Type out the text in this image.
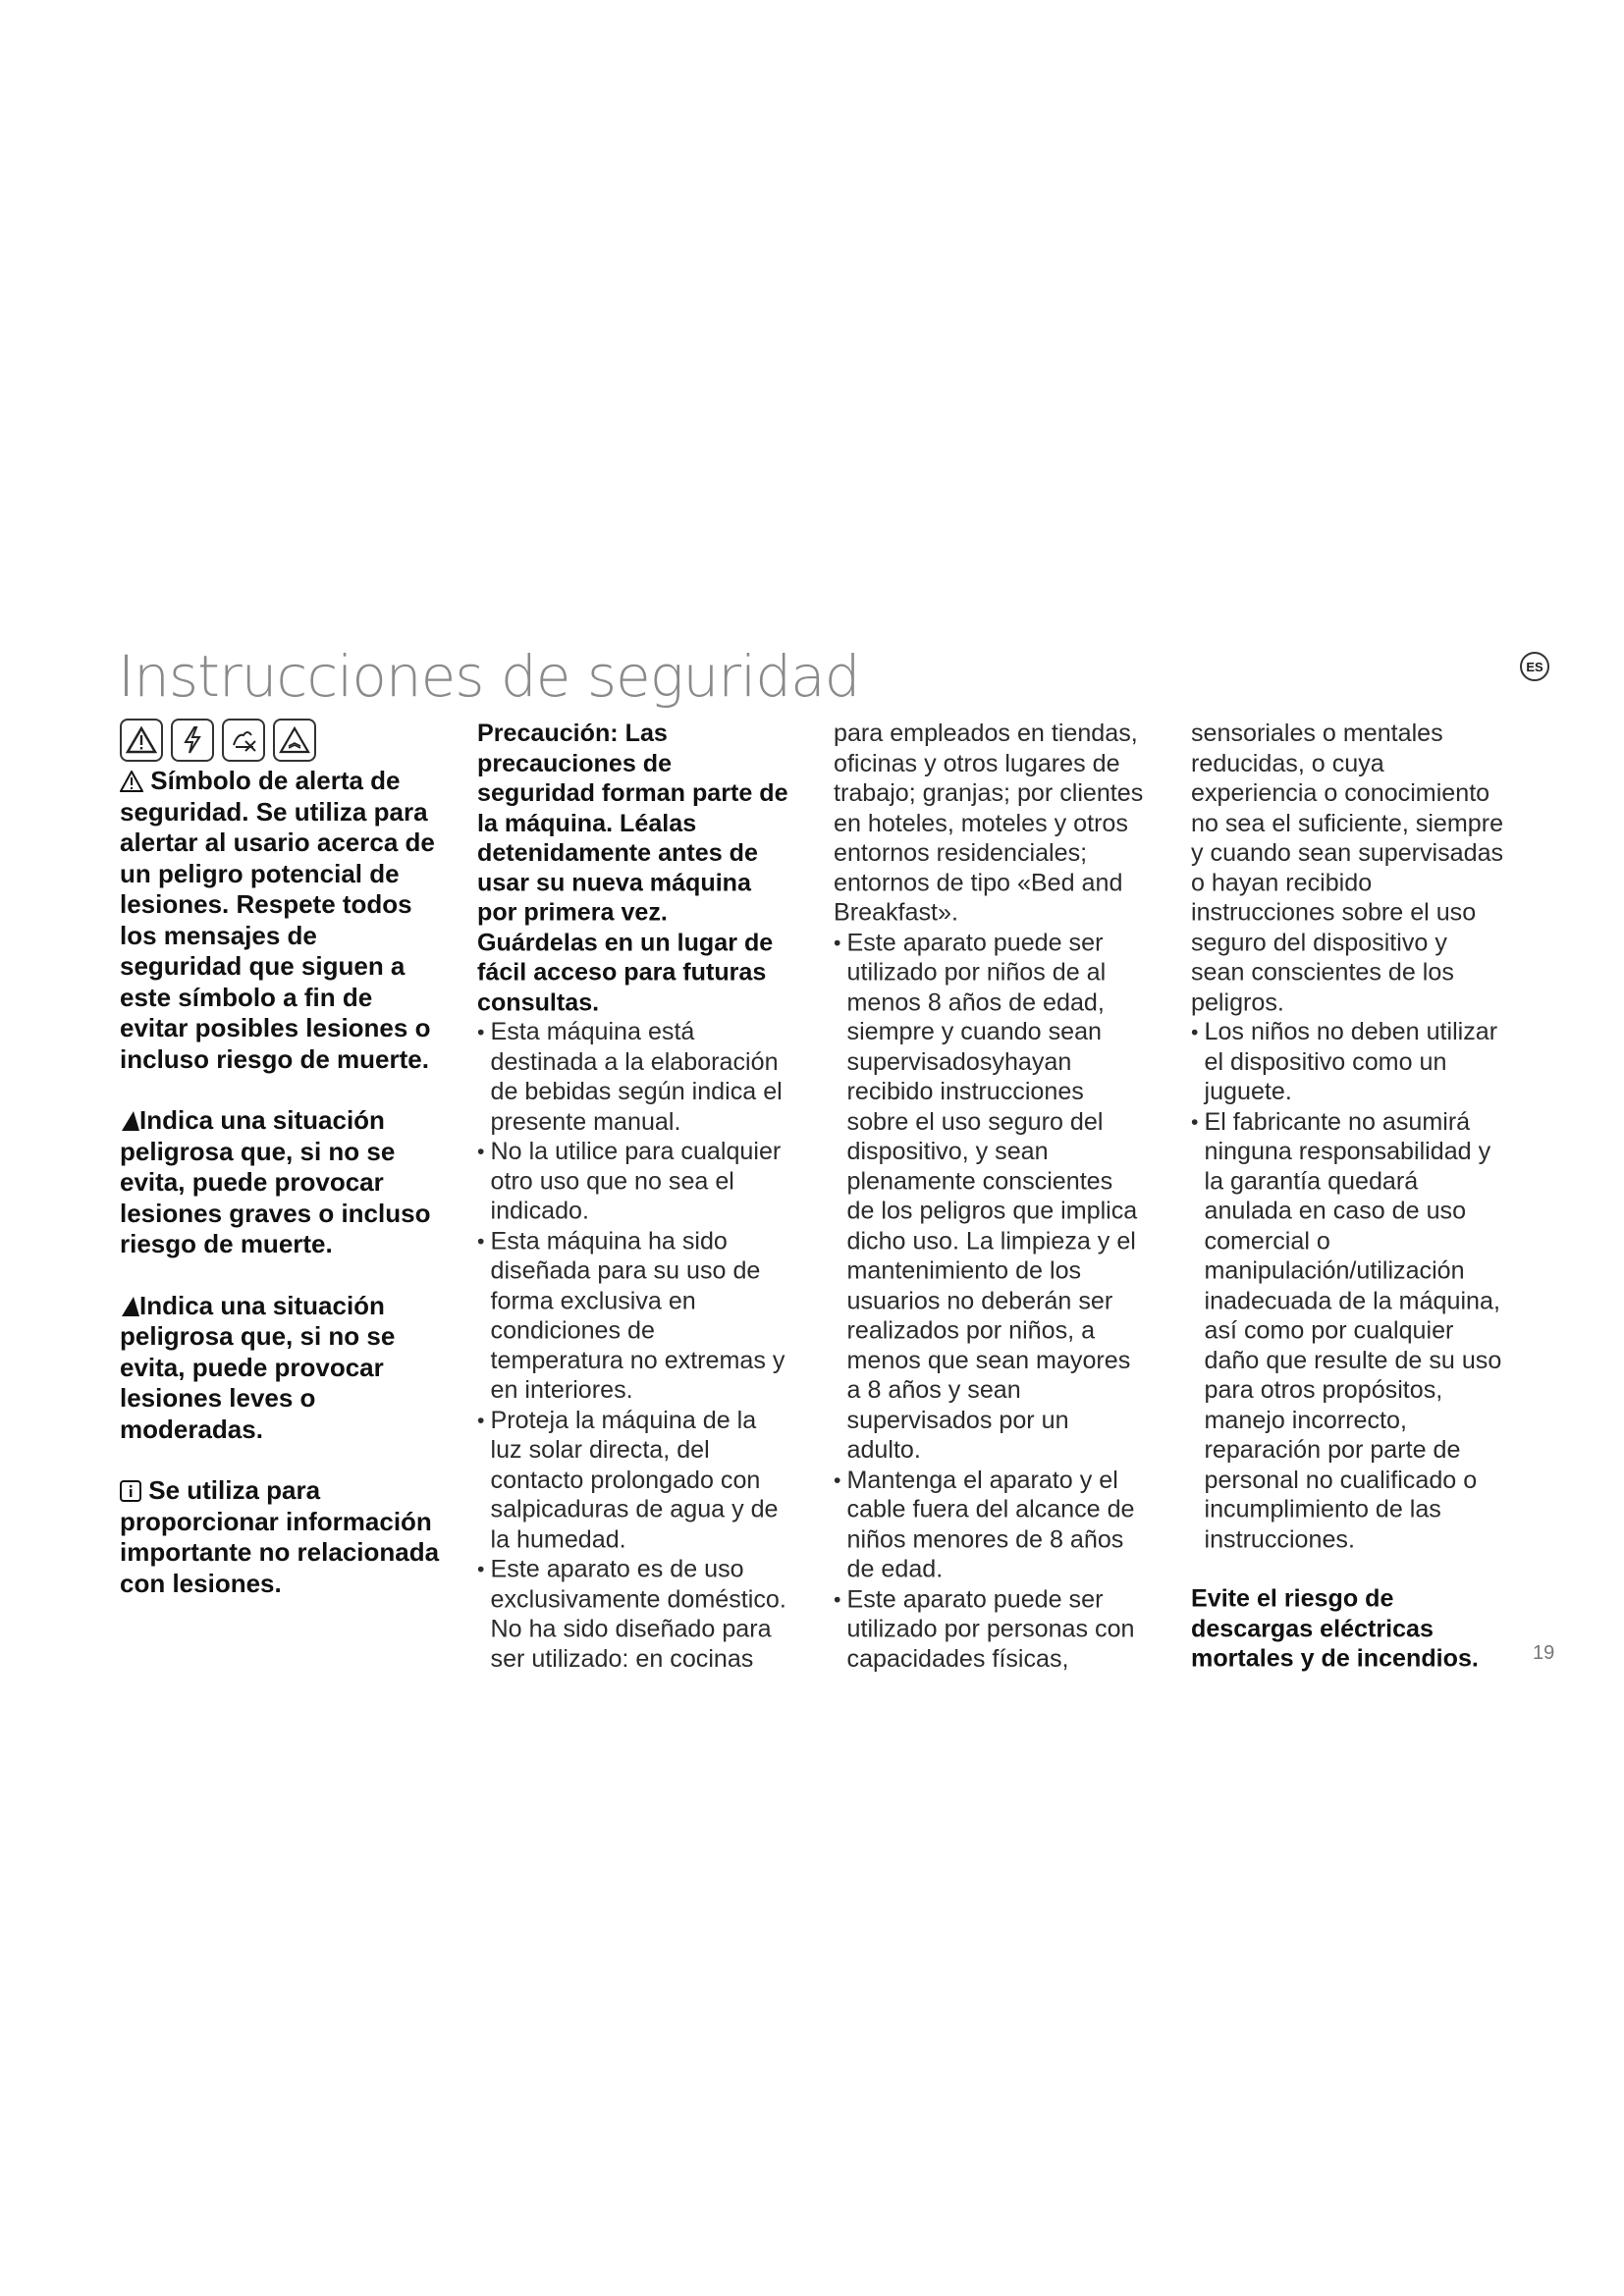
Instrucciones de seguridad	ES
Símbolo de alerta de seguridad. Se utiliza para alertar al usario acerca de un peligro potencial de lesiones. Respete todos los mensajes de seguridad que siguen a este símbolo a fin de evitar posibles lesiones o incluso riesgo de muerte.
Indica una situación peligrosa que, si no se evita, puede provocar lesiones graves o incluso riesgo de muerte.
Indica una situación peligrosa que, si no se evita, puede provocar lesiones leves o moderadas.
Se utiliza para proporcionar información importante no relacionada con lesiones.
Precaución: Las precauciones de seguridad forman parte de la máquina. Léalas detenidamente antes de usar su nueva máquina por primera vez. Guárdelas en un lugar de fácil acceso para futuras consultas.
• Esta máquina está destinada a la elaboración de bebidas según indica el presente manual.
• No la utilice para cualquier otro uso que no sea el indicado.
• Esta máquina ha sido diseñada para su uso de forma exclusiva en condiciones de temperatura no extremas y en interiores.
• Proteja la máquina de la luz solar directa, del contacto prolongado con salpicaduras de agua y de la humedad.
• Este aparato es de uso exclusivamente doméstico. No ha sido diseñado para ser utilizado: en cocinas
para empleados en tiendas, oficinas y otros lugares de trabajo; granjas; por clientes en hoteles, moteles y otros entornos residenciales; entornos de tipo «Bed and Breakfast».
• Este aparato puede ser utilizado por niños de al menos 8 años de edad, siempre y cuando sean supervisadosyhayan recibido instrucciones sobre el uso seguro del dispositivo, y sean plenamente conscientes de los peligros que implica dicho uso. La limpieza y el mantenimiento de los usuarios no deberán ser realizados por niños, a menos que sean mayores a 8 años y sean supervisados por un adulto.
• Mantenga el aparato y el cable fuera del alcance de niños menores de 8 años de edad.
• Este aparato puede ser utilizado por personas con capacidades físicas,
sensoriales o mentales reducidas, o cuya experiencia o conocimiento no sea el suficiente, siempre y cuando sean supervisadas o hayan recibido instrucciones sobre el uso seguro del dispositivo y sean conscientes de los peligros.
• Los niños no deben utilizar el dispositivo como un juguete.
• El fabricante no asumirá ninguna responsabilidad y la garantía quedará anulada en caso de uso comercial o manipulación/utilización inadecuada de la máquina, así como por cualquier daño que resulte de su uso para otros propósitos, manejo incorrecto, reparación por parte de personal no cualificado o incumplimiento de las instrucciones.
Evite el riesgo de descargas eléctricas mortales y de incendios.	19
